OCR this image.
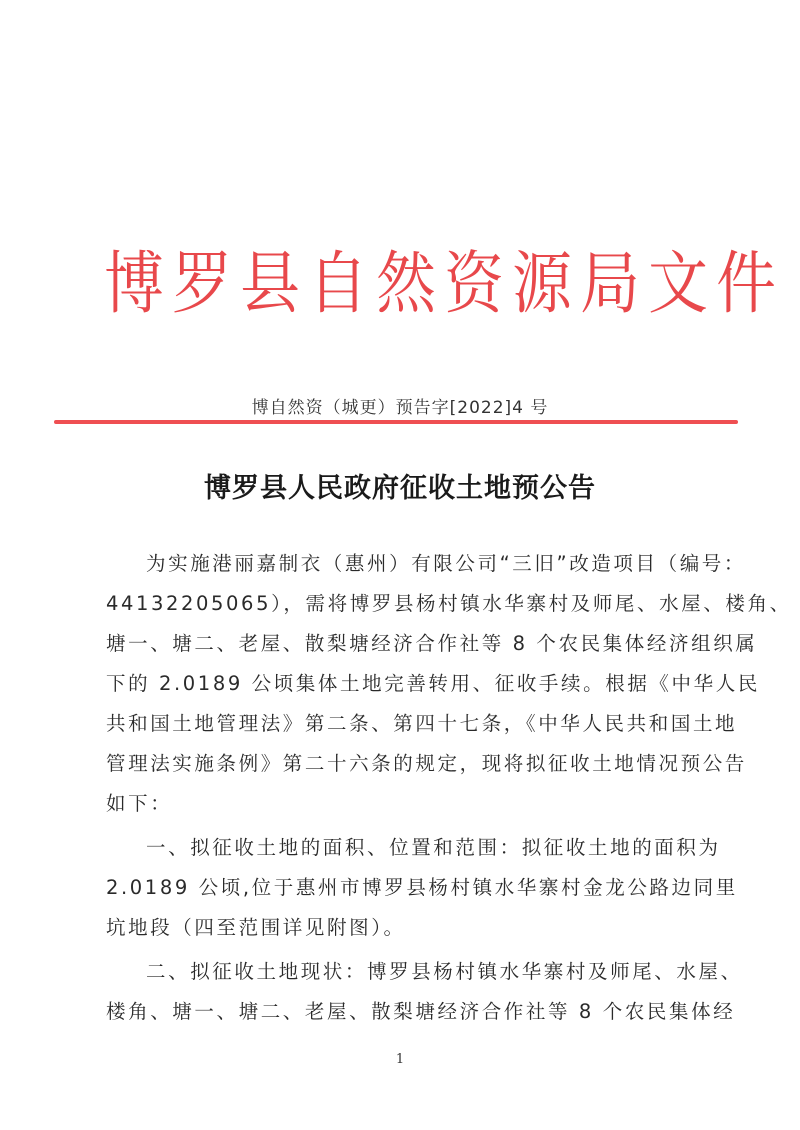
博 罗 县 自 然 资 源 局 文 件
博自然资（城更）预告字[2022]4 号
博罗县人民政府征收土地预公告
为实施港丽嘉制衣（惠州）有限公司“三旧”改造项目（编号：
44132205065），需将博罗县杨村镇水华寨村及师尾、水屋、楼角、
塘一、塘二、老屋、散梨塘经济合作社等 8 个农民集体经济组织属
下的 2.0189 公顷集体土地完善转用、征收手续。根据《中华人民
共和国土地管理法》第二条、第四十七条，《中华人民共和国土地
管理法实施条例》第二十六条的规定，现将拟征收土地情况预公告
如下：
一、拟征收土地的面积、位置和范围：拟征收土地的面积为
2.0189 公顷,位于惠州市博罗县杨村镇水华寨村金龙公路边同里
坑地段（四至范围详见附图）。
二、拟征收土地现状：博罗县杨村镇水华寨村及师尾、水屋、
楼角、塘一、塘二、老屋、散梨塘经济合作社等 8 个农民集体经
1
